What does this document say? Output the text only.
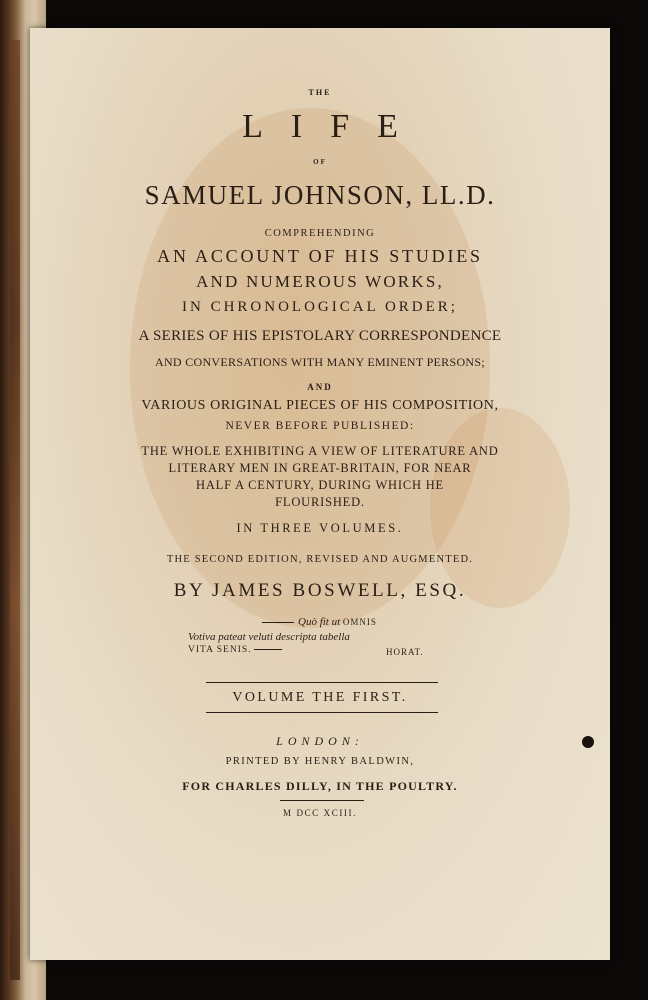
THE
LIFE
OF
SAMUEL JOHNSON, LL.D.
COMPREHENDING
AN ACCOUNT OF HIS STUDIES
AND NUMEROUS WORKS,
IN CHRONOLOGICAL ORDER;
A SERIES OF HIS EPISTOLARY CORRESPONDENCE
AND CONVERSATIONS WITH MANY EMINENT PERSONS;
AND
VARIOUS ORIGINAL PIECES OF HIS COMPOSITION,
NEVER BEFORE PUBLISHED:
THE WHOLE EXHIBITING A VIEW OF LITERATURE AND
LITERARY MEN IN GREAT-BRITAIN, FOR NEAR
HALF A CENTURY, DURING WHICH HE
FLOURISHED.
IN THREE VOLUMES.
THE SECOND EDITION, REVISED AND AUGMENTED.
BY JAMES BOSWELL, ESQ.
Quò fit ut OMNIS
Votiva pateat veluti descripta tabella
VITA SENIS.	HORAT.
VOLUME THE FIRST.
LONDON:
PRINTED BY HENRY BALDWIN,
FOR CHARLES DILLY, IN THE POULTRY.
M DCC XCIII.
